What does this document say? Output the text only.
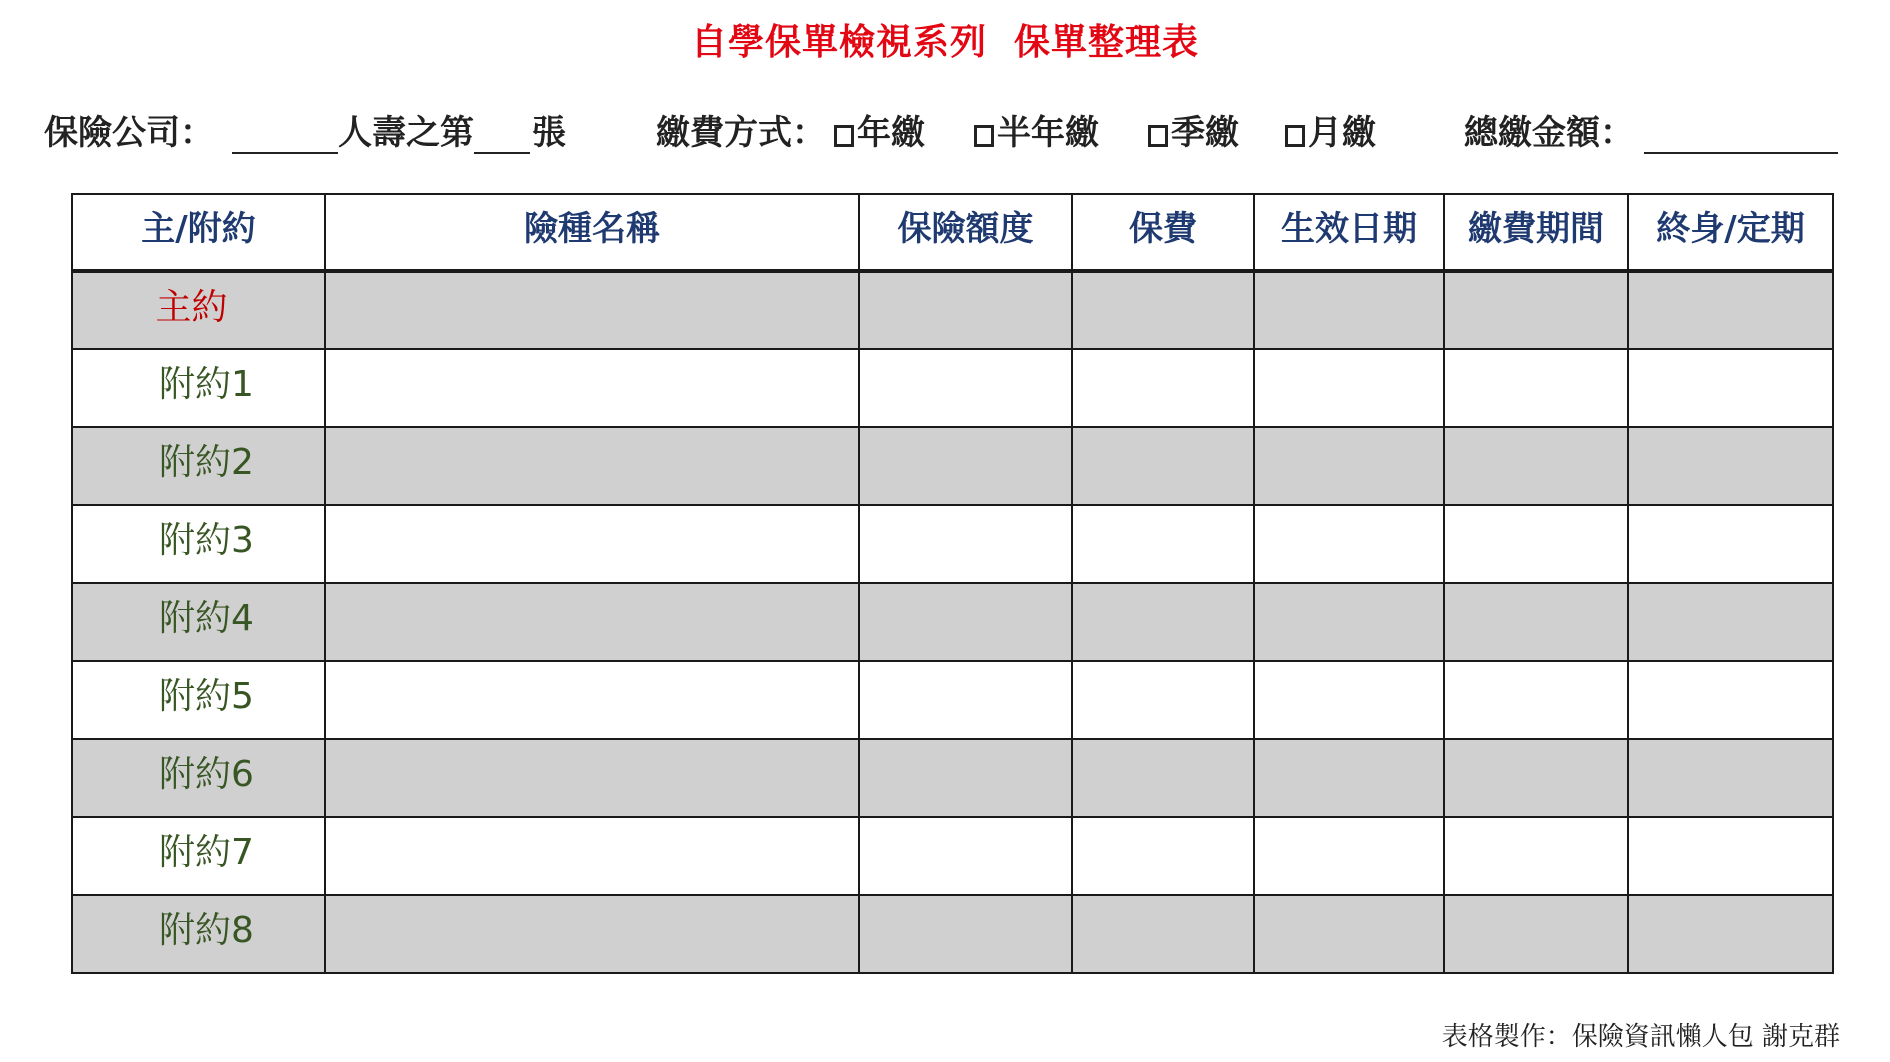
自學保單檢視系列  保單整理表
保險公司：	人壽之第 張	繳費方式： 年繳	半年繳	季繳	月繳	總繳金額：
主/附約	險種名稱	保險額度	保費	生效日期	繳費期間	終身/定期
主約						
附約1						
附約2						
附約3						
附約4						
附約5						
附約6						
附約7						
附約8						
表格製作：保險資訊懶人包 謝克群
